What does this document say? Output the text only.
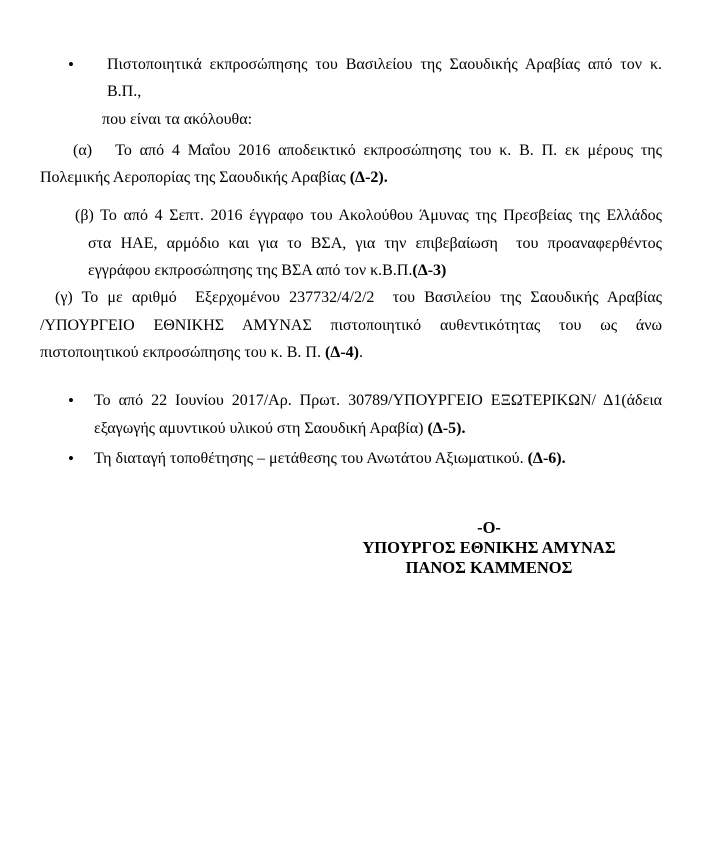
•	Πιστοποιητικά εκπροσώπησης του Βασιλείου της Σαουδικής Αραβίας από τον κ. Β.Π.,
που είναι τα ακόλουθα:
(α)   Το από 4 Μαΐου 2016 αποδεικτικό εκπροσώπησης του κ. Β. Π. εκ μέρους της
Πολεμικής Αεροπορίας της Σαουδικής Αραβίας (Δ-2).
(β) Το από 4 Σεπτ. 2016 έγγραφο του Ακολούθου Άμυνας της Πρεσβείας της Ελλάδος
στα ΗΑΕ, αρμόδιο και για το ΒΣΑ, για την επιβεβαίωση  του προαναφερθέντος
εγγράφου εκπροσώπησης της ΒΣΑ από τον κ.Β.Π.(Δ-3)
(γ) Το με αριθμό  Εξερχομένου 237732/4/2/2  του Βασιλείου της Σαουδικής Αραβίας
/ΥΠΟΥΡΓΕΙΟ ΕΘΝΙΚΗΣ ΑΜΥΝΑΣ πιστοποιητικό αυθεντικότητας του ως άνω
πιστοποιητικού εκπροσώπησης του κ. Β. Π. (Δ-4).
•	Το από 22 Ιουνίου 2017/Αρ. Πρωτ. 30789/ΥΠΟΥΡΓΕΙΟ ΕΞΩΤΕΡΙΚΩΝ/ Δ1(άδεια
εξαγωγής αμυντικού υλικού στη Σαουδική Αραβία) (Δ-5).
•	Τη διαταγή τοποθέτησης – μετάθεσης του Ανωτάτου Αξιωματικού. (Δ-6).
-Ο-
ΥΠΟΥΡΓΟΣ ΕΘΝΙΚΗΣ ΑΜΥΝΑΣ
ΠΑΝΟΣ ΚΑΜΜΕΝΟΣ
